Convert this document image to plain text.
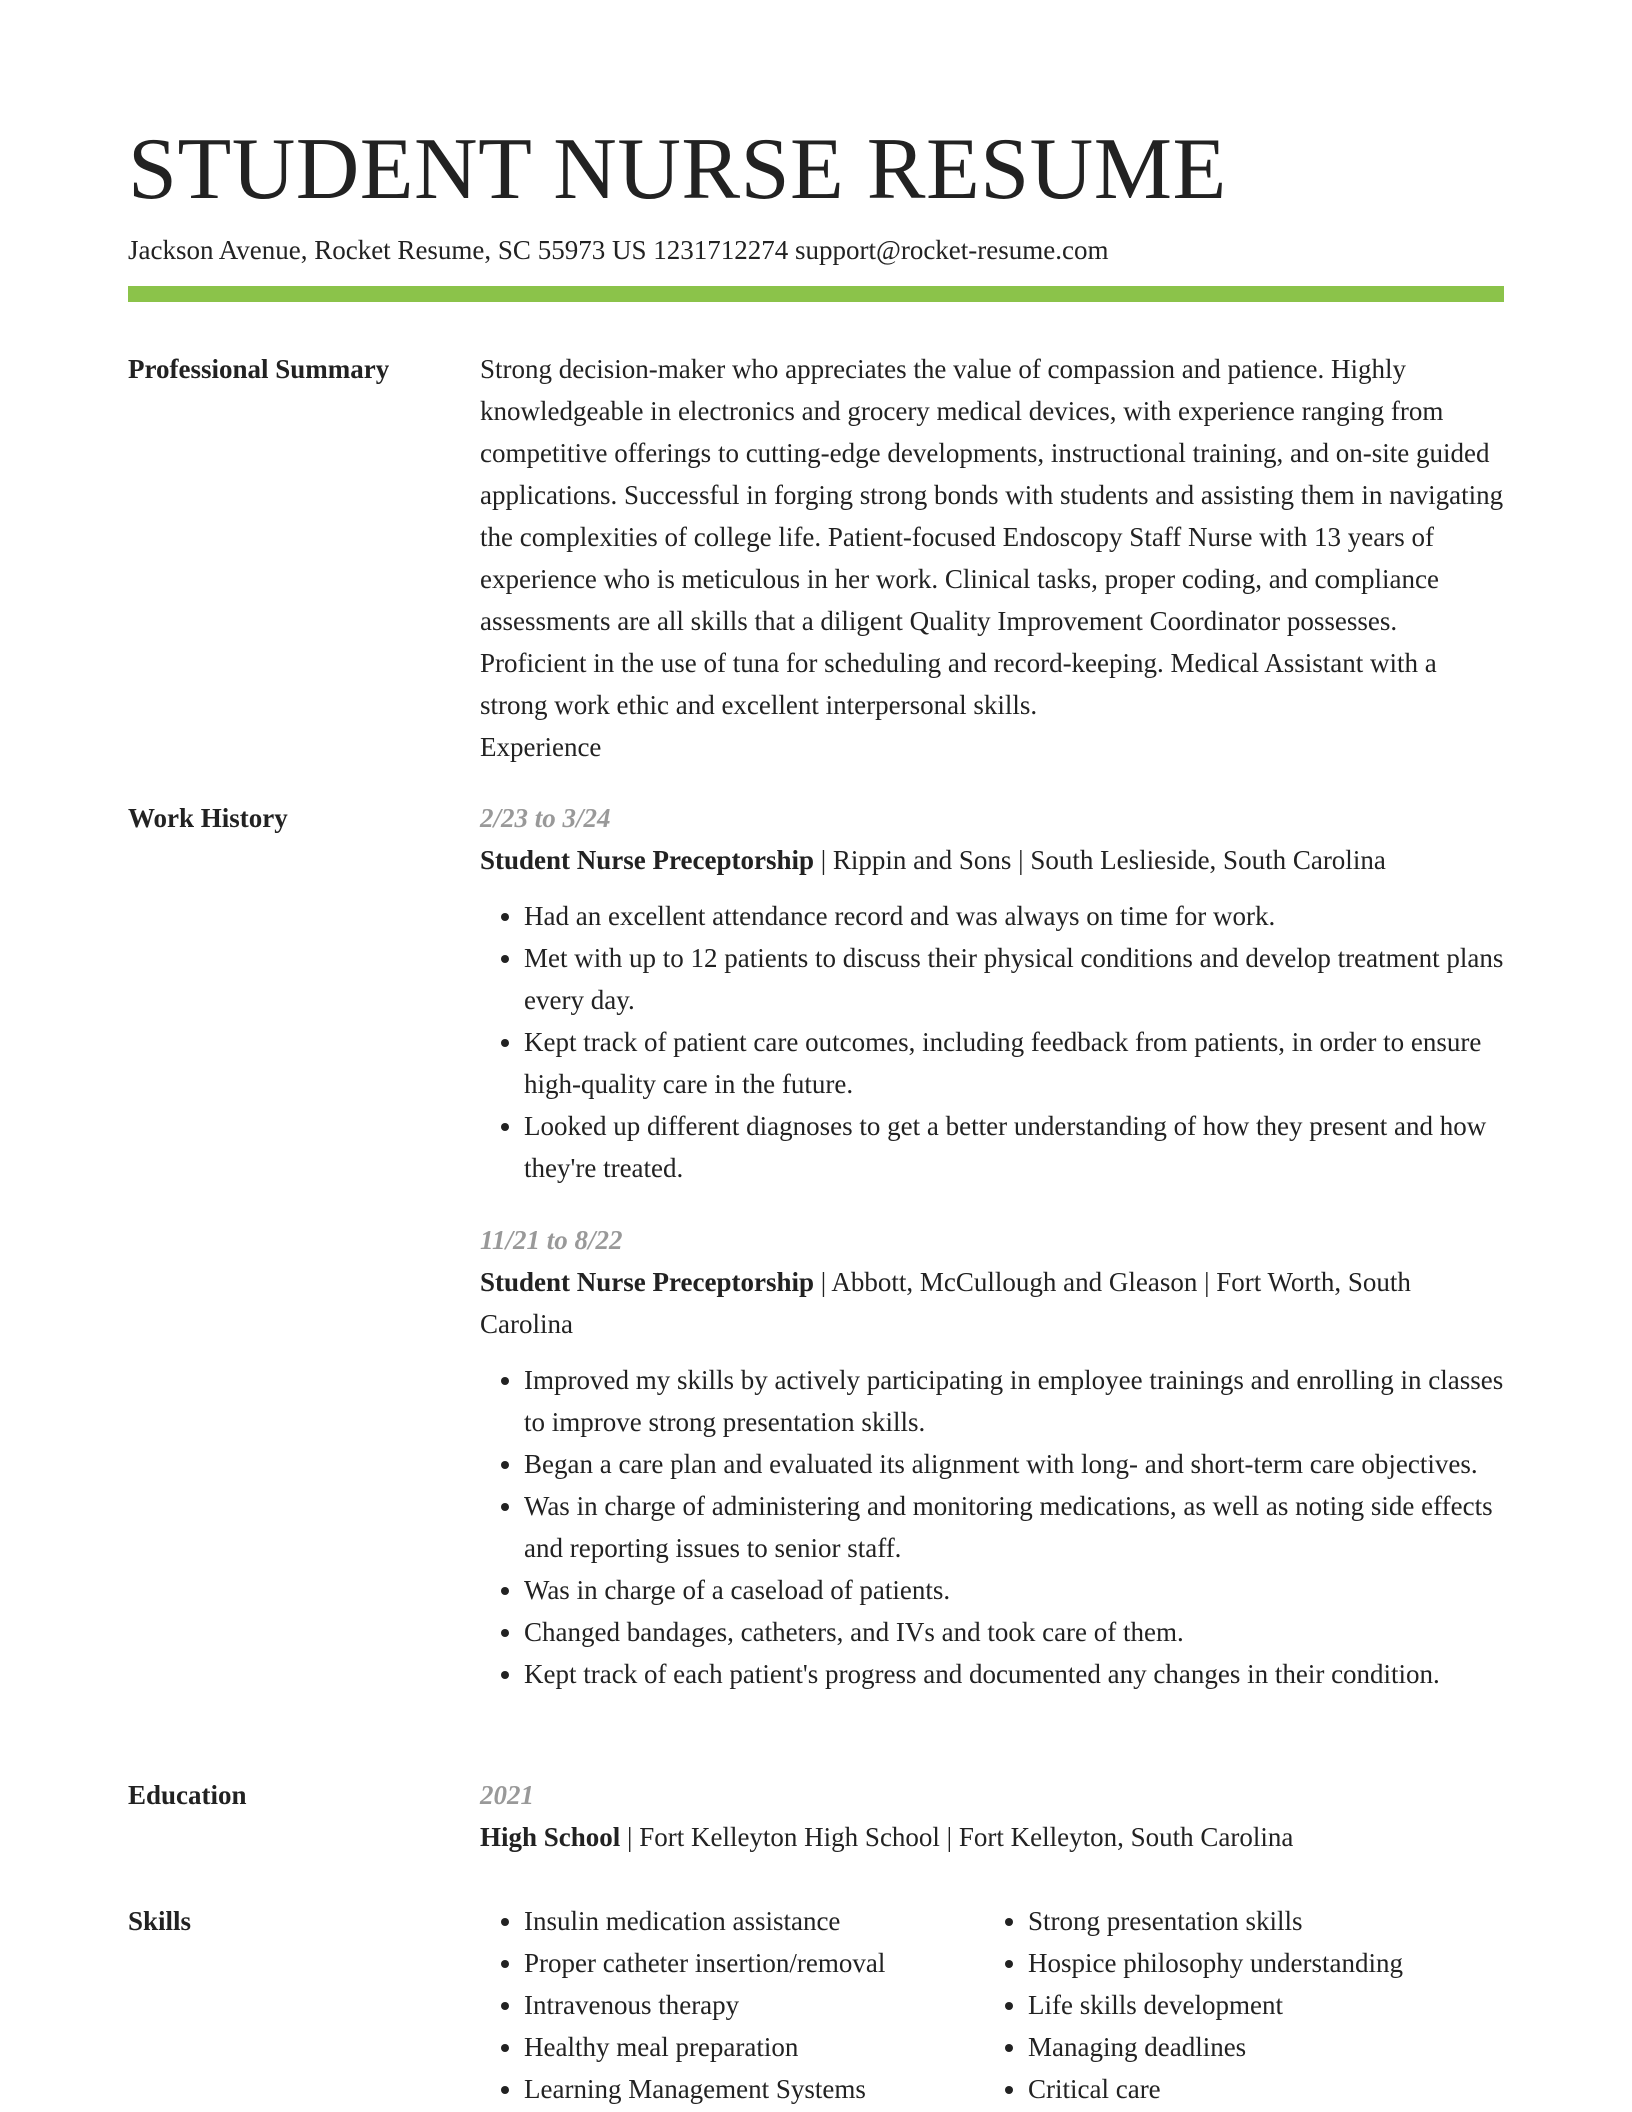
STUDENT NURSE RESUME
Jackson Avenue, Rocket Resume, SC 55973 US 1231712274 support@rocket-resume.com
Professional Summary	Strong decision-maker who appreciates the value of compassion and patience. Highly knowledgeable in electronics and grocery medical devices, with experience ranging from competitive offerings to cutting-edge developments, instructional training, and on-site guided applications. Successful in forging strong bonds with students and assisting them in navigating the complexities of college life. Patient-focused Endoscopy Staff Nurse with 13 years of experience who is meticulous in her work. Clinical tasks, proper coding, and compliance assessments are all skills that a diligent Quality Improvement Coordinator possesses. Proficient in the use of tuna for scheduling and record-keeping. Medical Assistant with a strong work ethic and excellent interpersonal skills.

Experience

Work History	2/23 to 3/24
Student Nurse Preceptorship | Rippin and Sons | South Leslieside, South Carolina
• Had an excellent attendance record and was always on time for work.
• Met with up to 12 patients to discuss their physical conditions and develop treatment plans every day.
• Kept track of patient care outcomes, including feedback from patients, in order to ensure high-quality care in the future.
• Looked up different diagnoses to get a better understanding of how they present and how they're treated.
11/21 to 8/22
Student Nurse Preceptorship | Abbott, McCullough and Gleason | Fort Worth, South Carolina
• Improved my skills by actively participating in employee trainings and enrolling in classes to improve strong presentation skills.
• Began a care plan and evaluated its alignment with long- and short-term care objectives.
• Was in charge of administering and monitoring medications, as well as noting side effects and reporting issues to senior staff.
• Was in charge of a caseload of patients.
• Changed bandages, catheters, and IVs and took care of them.
• Kept track of each patient's progress and documented any changes in their condition.
Education	2021
High School | Fort Kelleyton High School | Fort Kelleyton, South Carolina
Skills
•	Insulin medication assistance
• Proper catheter insertion/removal
• Intravenous therapy
• Healthy meal preparation
• Learning Management Systems
• Strong presentation skills
• Hospice philosophy understanding
• Life skills development
• Managing deadlines
• Critical care
